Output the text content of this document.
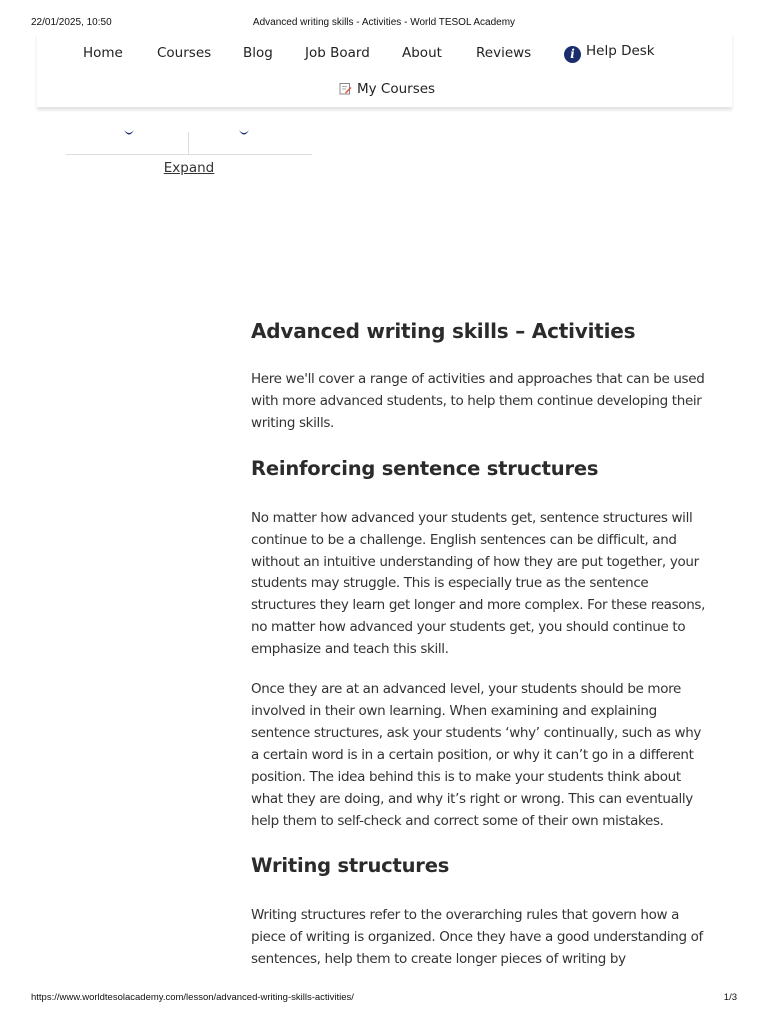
22/01/2025, 10:50	Advanced writing skills - Activities - World TESOL Academy
Home	Courses Blog Job Board About	Reviews	i Help Desk
My Courses
Expand
Advanced writing skills – Activities

Here we'll cover a range of activities and approaches that can be used with more advanced students, to help them continue developing their writing skills.

Reinforcing sentence structures

No matter how advanced your students get, sentence structures will continue to be a challenge. English sentences can be difficult, and without an intuitive understanding of how they are put together, your students may struggle. This is especially true as the sentence structures they learn get longer and more complex. For these reasons, no matter how advanced your students get, you should continue to emphasize and teach this skill.

Once they are at an advanced level, your students should be more involved in their own learning. When examining and explaining sentence structures, ask your students ‘why’ continually, such as why a certain word is in a certain position, or why it can’t go in a different position. The idea behind this is to make your students think about what they are doing, and why it’s right or wrong. This can eventually help them to self-check and correct some of their own mistakes.

Writing structures

Writing structures refer to the overarching rules that govern how a piece of writing is organized. Once they have a good understanding of sentences, help them to create longer pieces of writing by

https://www.worldtesolacademy.com/lesson/advanced-writing-skills-activities/	1/3
